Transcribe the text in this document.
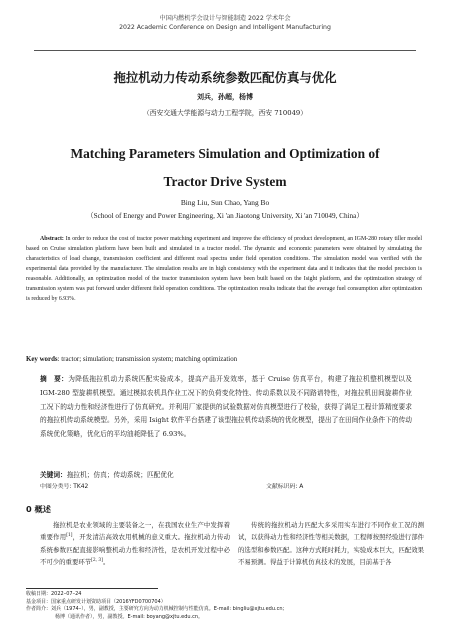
中国内燃机学会设计与智能制造 2022 学术年会
2022 Academic Conference on Design and Intelligent Manufacturing
拖拉机动力传动系统参数匹配仿真与优化
刘兵，孙超，杨博
（西安交通大学能源与动力工程学院，西安 710049）
Matching Parameters Simulation and Optimization of
Tractor Drive System
Bing Liu, Sun Chao, Yang Bo
（School of Energy and Power Engineering, Xi 'an Jiaotong University, Xi 'an 710049, China）
Abstract: In order to reduce the cost of tractor power matching experiment and improve the efficiency of product development, an IGM-280 rotary tiller model based on Cruise simulation platform have been built and simulated in a tractor model. The dynamic and economic parameters were obtained by simulating the characteristics of load change, transmission coefficient and different road spectra under field operation conditions. The simulation model was verified with the experimental data provided by the manufacturer. The simulation results are in high consistency with the experiment data and it indicates that the model precision is reasonable. Additionally, an optimization model of the tractor transmission system have been built based on the Isight platform, and the optimization strategy of transmission system was put forward under different field operation conditions. The optimization results indicate that the average fuel consumption after optimization is reduced by 6.93%.
Key words: tractor; simulation; transmission system; matching optimization
摘　要：为降低拖拉机动力系统匹配实验成本，提高产品开发效率，基于 Cruise 仿真平台，构建了拖拉机整机模型以及 IGM-280 型旋耕机模型。通过模拟农机具作业工况下的负荷变化特性、传动系数以及不同路谱特性，对拖拉机田间旋耕作业工况下的动力性和经济性进行了仿真研究。并利用厂家提供的试验数据对仿真模型进行了校验，获得了满足工程计算精度要求的拖拉机传动系统模型。另外，采用 Isight 软件平台搭建了该型拖拉机传动系统的优化模型，提出了在田间作业条件下的传动系统优化策略，优化后的平均油耗降低了 6.93%。
关键词：拖拉机；仿真；传动系统；匹配优化
中图分类号: TK42	文献标识码: A
0 概述

拖拉机是农业领域的主要装备之一，在我国农业生产中发挥着重要作用[1]，开发清洁高效农用机械的意义重大。拖拉机动力传动系统参数匹配直接影响整机动力性和经济性，是农机开发过程中必不可少的重要环节[2, 3]。

传统的拖拉机动力匹配大多采用实车进行不同作业工况的测试，以获得动力性和经济性等相关数据，工程师按照经验进行部件的选型和参数匹配。这种方式耗时耗力，实验成本巨大，匹配效果不易预测。得益于计算机仿真技术的发展，目前基于各

收稿日期：2022–07–24
基金项目：国家重点研发计划资助项目（2016YFD0700704）
作者简介：刘兵（1974–），男，副教授，主要研究方向为动力机械控制与性能仿真。E-mail: bingliu@xjtu.edu.cn;
杨博（通讯作者），男，副教授。E-mail: boyang@xjtu.edu.cn。
